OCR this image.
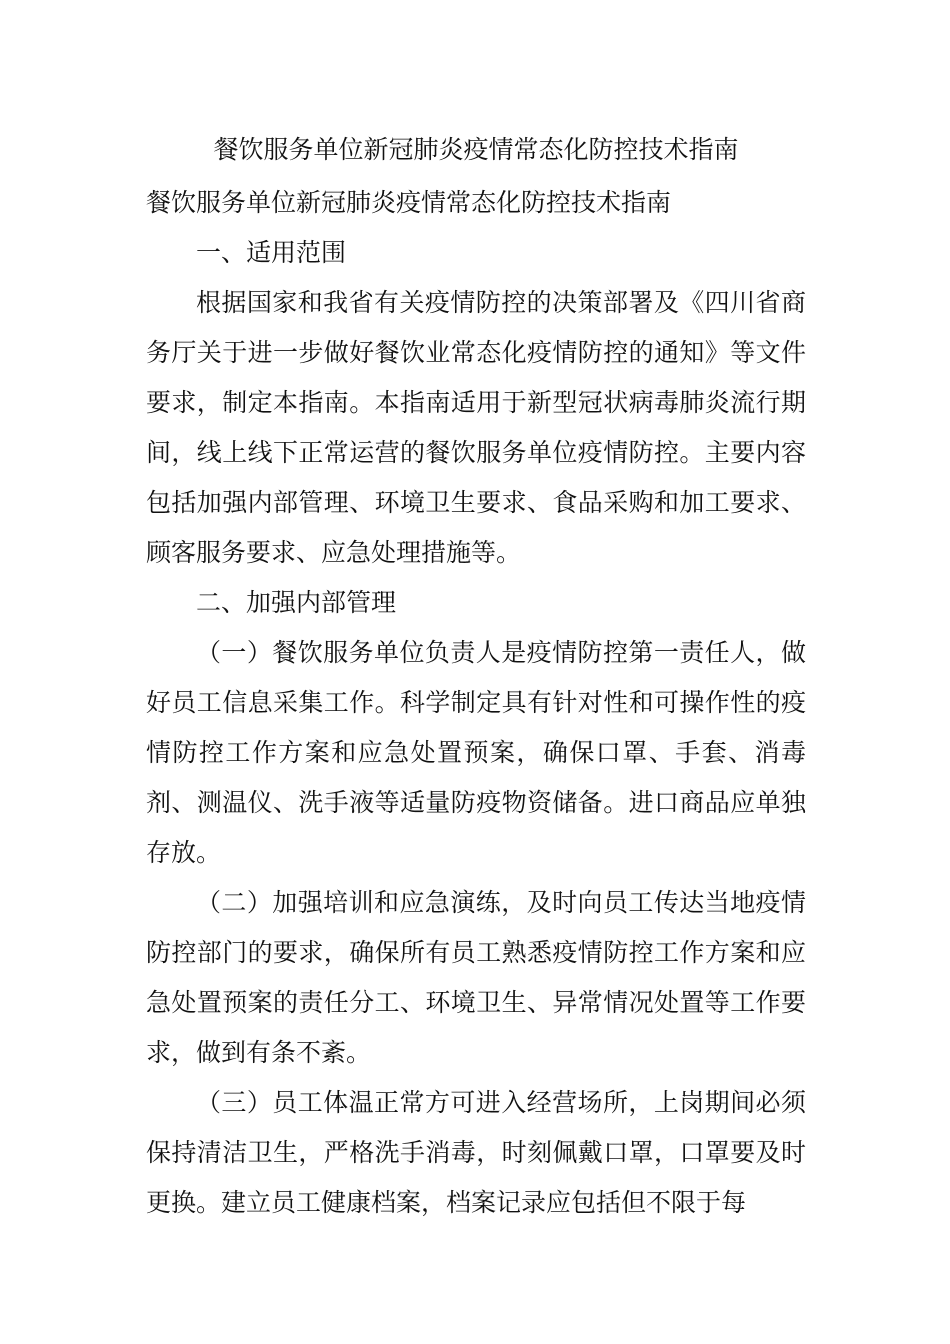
餐饮服务单位新冠肺炎疫情常态化防控技术指南

餐饮服务单位新冠肺炎疫情常态化防控技术指南

一、适用范围

根据国家和我省有关疫情防控的决策部署及《四川省商务厅关于进一步做好餐饮业常态化疫情防控的通知》等文件要求，制定本指南。本指南适用于新型冠状病毒肺炎流行期间，线上线下正常运营的餐饮服务单位疫情防控。主要内容包括加强内部管理、环境卫生要求、食品采购和加工要求、顾客服务要求、应急处理措施等。

二、加强内部管理

（一）餐饮服务单位负责人是疫情防控第一责任人，做好员工信息采集工作。科学制定具有针对性和可操作性的疫情防控工作方案和应急处置预案，确保口罩、手套、消毒剂、测温仪、洗手液等适量防疫物资储备。进口商品应单独存放。

（二）加强培训和应急演练，及时向员工传达当地疫情防控部门的要求，确保所有员工熟悉疫情防控工作方案和应急处置预案的责任分工、环境卫生、异常情况处置等工作要求，做到有条不紊。

（三）员工体温正常方可进入经营场所，上岗期间必须保持清洁卫生，严格洗手消毒，时刻佩戴口罩，口罩要及时更换。建立员工健康档案，档案记录应包括但不限于每
